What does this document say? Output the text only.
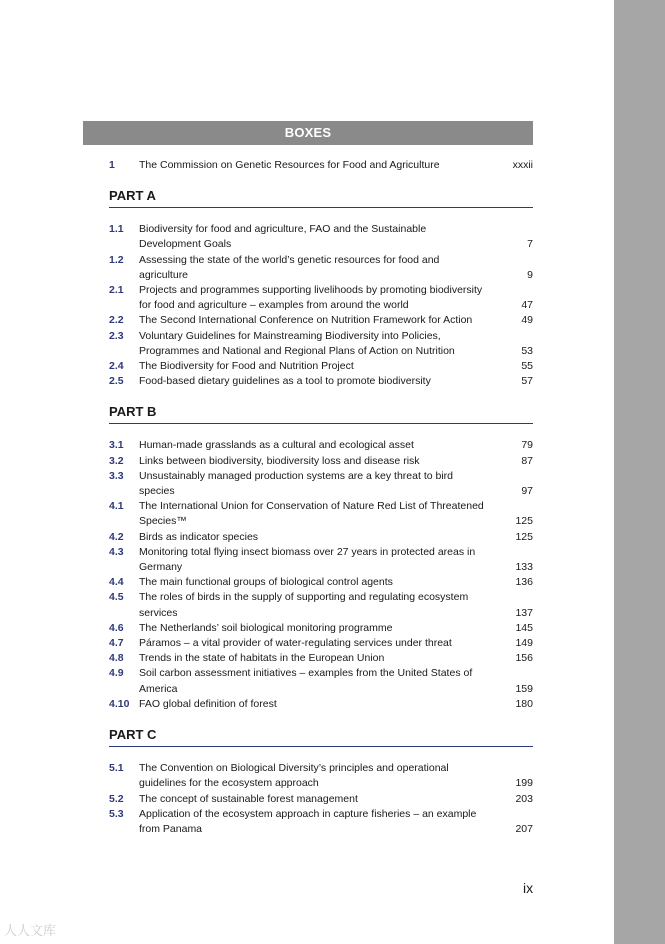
BOXES
1 The Commission on Genetic Resources for Food and Agriculture	xxxii
PART A
1.1 Biodiversity for food and agriculture, FAO and the Sustainable Development Goals	7
1.2 Assessing the state of the world’s genetic resources for food and agriculture	9
2.1 Projects and programmes supporting livelihoods by promoting biodiversity for food and agriculture – examples from around the world	47
2.2 The Second International Conference on Nutrition Framework for Action	49
2.3 Voluntary Guidelines for Mainstreaming Biodiversity into Policies, Programmes and National and Regional Plans of Action on Nutrition	53
2.4 The Biodiversity for Food and Nutrition Project	55
2.5 Food-based dietary guidelines as a tool to promote biodiversity	57
PART B
3.1 Human-made grasslands as a cultural and ecological asset	79
3.2 Links between biodiversity, biodiversity loss and disease risk	87
3.3 Unsustainably managed production systems are a key threat to bird species	97
4.1 The International Union for Conservation of Nature Red List of Threatened Species™	125
4.2 Birds as indicator species	125
4.3 Monitoring total flying insect biomass over 27 years in protected areas in Germany	133
4.4 The main functional groups of biological control agents	136
4.5 The roles of birds in the supply of supporting and regulating ecosystem services	137
4.6 The Netherlands’ soil biological monitoring programme	145
4.7 Páramos – a vital provider of water-regulating services under threat	149
4.8 Trends in the state of habitats in the European Union	156
4.9 Soil carbon assessment initiatives – examples from the United States of America	159
4.10 FAO global definition of forest	180
PART C
5.1 The Convention on Biological Diversity’s principles and operational guidelines for the ecosystem approach	199
5.2 The concept of sustainable forest management	203
5.3 Application of the ecosystem approach in capture fisheries – an example from Panama	207
ix
人人文库
